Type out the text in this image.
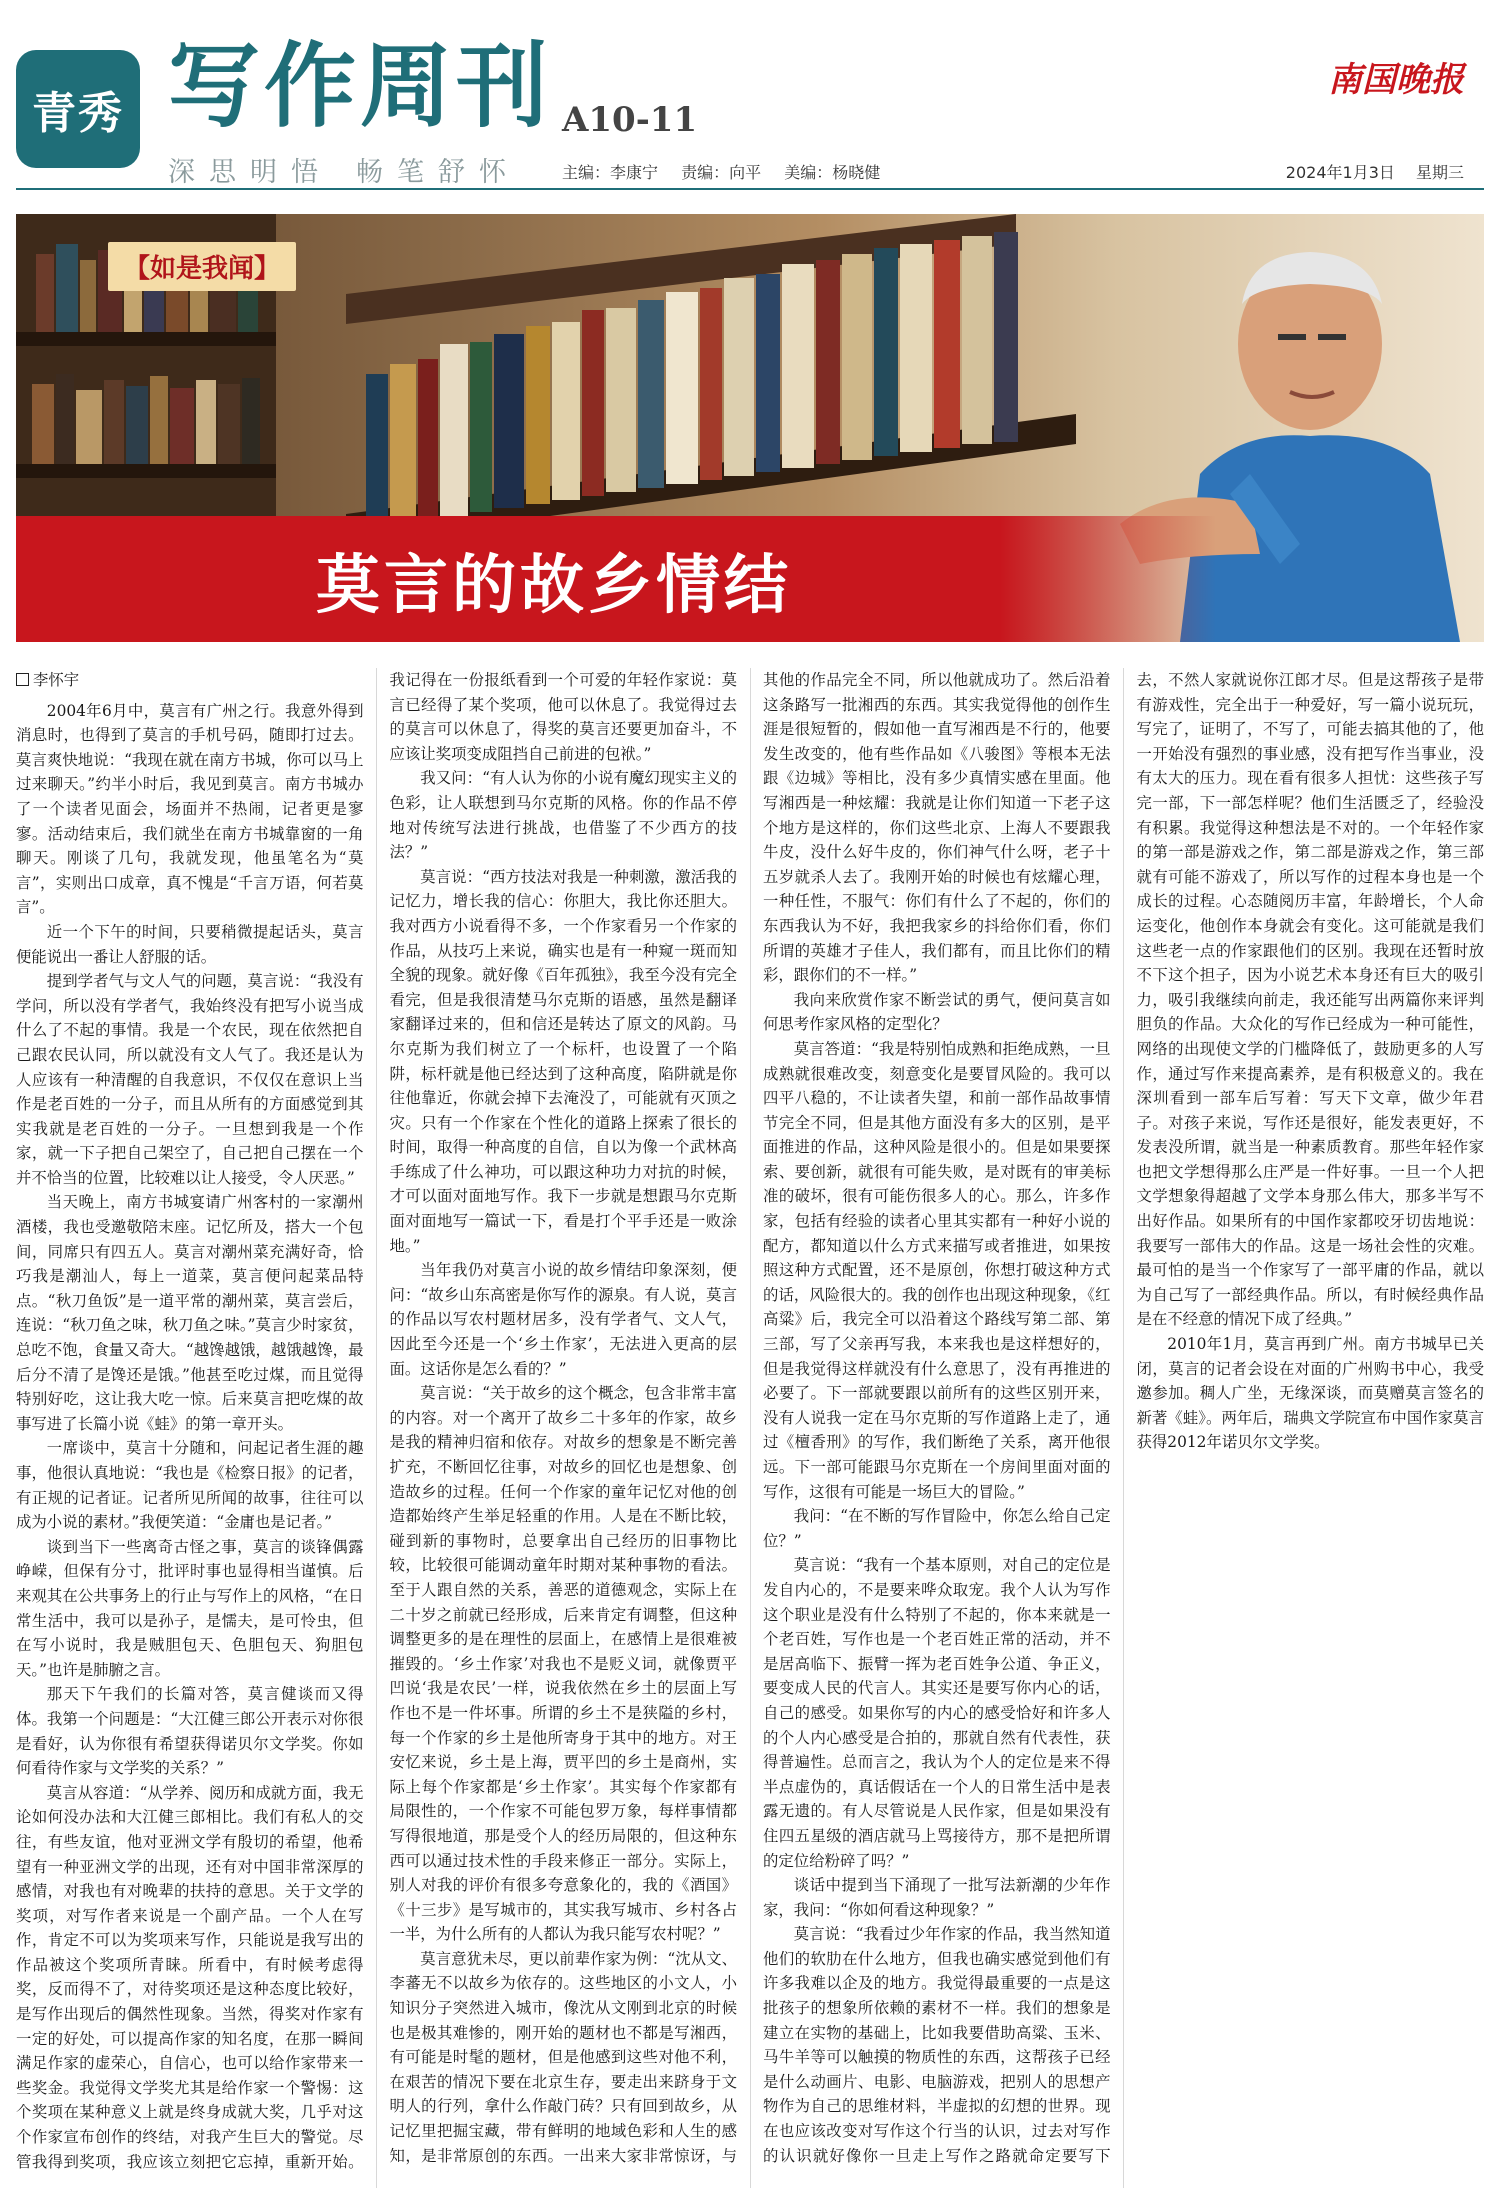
青秀 写作周刊 A10-11
深思明悟 畅笔舒怀
南国晚报
主编：李康宁 责编：向平 美编：杨晓健	2024年1月3日 星期三
【如是我闻】
莫言的故乡情结
李怀宇

2004年6月中，莫言有广州之行。我意外得到消息时，也得到了莫言的手机号码，随即打过去。莫言爽快地说：“我现在就在南方书城，你可以马上过来聊天。”约半小时后，我见到莫言。南方书城办了一个读者见面会，场面并不热闹，记者更是寥寥。活动结束后，我们就坐在南方书城靠窗的一角聊天。刚谈了几句，我就发现，他虽笔名为“莫言”，实则出口成章，真不愧是“千言万语，何若莫言”。

近一个下午的时间，只要稍微提起话头，莫言便能说出一番让人舒服的话。

提到学者气与文人气的问题，莫言说：“我没有学问，所以没有学者气，我始终没有把写小说当成什么了不起的事情。我是一个农民，现在依然把自己跟农民认同，所以就没有文人气了。我还是认为人应该有一种清醒的自我意识，不仅仅在意识上当作是老百姓的一分子，而且从所有的方面感觉到其实我就是老百姓的一分子。一旦想到我是一个作家，就一下子把自己架空了，自己把自己摆在一个并不恰当的位置，比较难以让人接受，令人厌恶。”

当天晚上，南方书城宴请广州客村的一家潮州酒楼，我也受邀敬陪末座。记忆所及，搭大一个包间，同席只有四五人。莫言对潮州菜充满好奇，恰巧我是潮汕人，每上一道菜，莫言便问起菜品特点。“秋刀鱼饭”是一道平常的潮州菜，莫言尝后，连说：“秋刀鱼之味，秋刀鱼之味。”莫言少时家贫，总吃不饱，食量又奇大。“越馋越饿，越饿越馋，最后分不清了是馋还是饿。”他甚至吃过煤，而且觉得特别好吃，这让我大吃一惊。后来莫言把吃煤的故事写进了长篇小说《蛙》的第一章开头。

一席谈中，莫言十分随和，问起记者生涯的趣事，他很认真地说：“我也是《检察日报》的记者，有正规的记者证。记者所见所闻的故事，往往可以成为小说的素材。”我便笑道：“金庸也是记者。”

谈到当下一些离奇古怪之事，莫言的谈锋偶露峥嵘，但保有分寸，批评时事也显得相当谨慎。后来观其在公共事务上的行止与写作上的风格，“在日常生活中，我可以是孙子，是懦夫，是可怜虫，但在写小说时，我是贼胆包天、色胆包天、狗胆包天。”也许是肺腑之言。

那天下午我们的长篇对答，莫言健谈而又得体。我第一个问题是：“大江健三郎公开表示对你很是看好，认为你很有希望获得诺贝尔文学奖。你如何看待作家与文学奖的关系？”

莫言从容道：“从学养、阅历和成就方面，我无论如何没办法和大江健三郎相比。我们有私人的交往，有些友谊，他对亚洲文学有殷切的希望，他希望有一种亚洲文学的出现，还有对中国非常深厚的感情，对我也有对晚辈的扶持的意思。关于文学的奖项，对写作者来说是一个副产品。一个人在写作，肯定不可以为奖项来写作，只能说是我写出的作品被这个奖项所青睐。所看中，有时候考虑得奖，反而得不了，对待奖项还是这种态度比较好，是写作出现后的偶然性现象。当然，得奖对作家有一定的好处，可以提高作家的知名度，在那一瞬间满足作家的虚荣心，自信心，也可以给作家带来一些奖金。我觉得文学奖尤其是给作家一个警惕：这个奖项在某种意义上就是终身成就大奖，几乎对这个作家宣布创作的终结，对我产生巨大的警觉。尽管我得到奖项，我应该立刻把它忘掉，重新开始。我记得在一份报纸看到一个可爱的年轻作家说：莫言已经得了某个奖项，他可以休息了。我觉得过去的莫言可以休息了，得奖的莫言还要更加奋斗，不应该让奖项变成阻挡自己前进的包袱。”

我又问：“有人认为你的小说有魔幻现实主义的色彩，让人联想到马尔克斯的风格。你的作品不停地对传统写法进行挑战，也借鉴了不少西方的技法？”

莫言说：“西方技法对我是一种刺激，激活我的记忆力，增长我的信心：你胆大，我比你还胆大。我对西方小说看得不多，一个作家看另一个作家的作品，从技巧上来说，确实也是有一种窥一斑而知全貌的现象。就好像《百年孤独》，我至今没有完全看完，但是我很清楚马尔克斯的语感，虽然是翻译家翻译过来的，但和信还是转达了原文的风韵。马尔克斯为我们树立了一个标杆，也设置了一个陷阱，标杆就是他已经达到了这种高度，陷阱就是你往他靠近，你就会掉下去淹没了，可能就有灭顶之灾。只有一个作家在个性化的道路上探索了很长的时间，取得一种高度的自信，自以为像一个武林高手练成了什么神功，可以跟这种功力对抗的时候，才可以面对面地写作。我下一步就是想跟马尔克斯面对面地写一篇试一下，看是打个平手还是一败涂地。”

当年我仍对莫言小说的故乡情结印象深刻，便问：“故乡山东高密是你写作的源泉。有人说，莫言的作品以写农村题材居多，没有学者气、文人气，因此至今还是一个‘乡土作家’，无法进入更高的层面。这话你是怎么看的？”

莫言说：“关于故乡的这个概念，包含非常丰富的内容。对一个离开了故乡二十多年的作家，故乡是我的精神归宿和依存。对故乡的想象是不断完善扩充，不断回忆往事，对故乡的回忆也是想象、创造故乡的过程。任何一个作家的童年记忆对他的创造都始终产生举足轻重的作用。人是在不断比较，碰到新的事物时，总要拿出自己经历的旧事物比较，比较很可能调动童年时期对某种事物的看法。至于人跟自然的关系，善恶的道德观念，实际上在二十岁之前就已经形成，后来肯定有调整，但这种调整更多的是在理性的层面上，在感情上是很难被摧毁的。‘乡土作家’对我也不是贬义词，就像贾平凹说‘我是农民’一样，说我依然在乡土的层面上写作也不是一件坏事。所谓的乡土不是狭隘的乡村，每一个作家的乡土是他所寄身于其中的地方。对王安忆来说，乡土是上海，贾平凹的乡土是商州，实际上每个作家都是‘乡土作家’。其实每个作家都有局限性的，一个作家不可能包罗万象，每样事情都写得很地道，那是受个人的经历局限的，但这种东西可以通过技术性的手段来修正一部分。实际上，别人对我的评价有很多夸意象化的，我的《酒国》《十三步》是写城市的，其实我写城市、乡村各占一半，为什么所有的人都认为我只能写农村呢？”

莫言意犹未尽，更以前辈作家为例：“沈从文、李蕃无不以故乡为依存的。这些地区的小文人，小知识分子突然进入城市，像沈从文刚到北京的时候也是极其难惨的，刚开始的题材也不都是写湘西，有可能是时髦的题材，但是他感到这些对他不利，在艰苦的情况下要在北京生存，要走出来跻身于文明人的行列，拿什么作敲门砖？只有回到故乡，从记忆里把掘宝藏，带有鲜明的地域色彩和人生的感知，是非常原创的东西。一出来大家非常惊讶，与其他的作品完全不同，所以他就成功了。然后沿着这条路写一批湘西的东西。其实我觉得他的创作生涯是很短暂的，假如他一直写湘西是不行的，他要发生改变的，他有些作品如《八骏图》等根本无法跟《边城》等相比，没有多少真情实感在里面。他写湘西是一种炫耀：我就是让你们知道一下老子这个地方是这样的，你们这些北京、上海人不要跟我牛皮，没什么好牛皮的，你们神气什么呀，老子十五岁就杀人去了。我刚开始的时候也有炫耀心理，一种任性，不服气：你们有什么了不起的，你们的东西我认为不好，我把我家乡的抖给你们看，你们所谓的英雄才子佳人，我们都有，而且比你们的精彩，跟你们的不一样。”

我向来欣赏作家不断尝试的勇气，便问莫言如何思考作家风格的定型化？

莫言答道：“我是特别怕成熟和拒绝成熟，一旦成熟就很难改变，刻意变化是要冒风险的。我可以四平八稳的，不让读者失望，和前一部作品故事情节完全不同，但是其他方面没有多大的区别，是平面推进的作品，这种风险是很小的。但是如果要探索、要创新，就很有可能失败，是对既有的审美标准的破坏，很有可能伤很多人的心。那么，许多作家，包括有经验的读者心里其实都有一种好小说的配方，都知道以什么方式来描写或者推进，如果按照这种方式配置，还不是原创，你想打破这种方式的话，风险很大的。我的创作也出现这种现象，《红高粱》后，我完全可以沿着这个路线写第二部、第三部，写了父亲再写我，本来我也是这样想好的，但是我觉得这样就没有什么意思了，没有再推进的必要了。下一部就要跟以前所有的这些区别开来，没有人说我一定在马尔克斯的写作道路上走了，通过《檀香刑》的写作，我们断绝了关系，离开他很远。下一部可能跟马尔克斯在一个房间里面对面的写作，这很有可能是一场巨大的冒险。”

我问：“在不断的写作冒险中，你怎么给自己定位？”

莫言说：“我有一个基本原则，对自己的定位是发自内心的，不是要来哗众取宠。我个人认为写作这个职业是没有什么特别了不起的，你本来就是一个老百姓，写作也是一个老百姓正常的活动，并不是居高临下、振臂一挥为老百姓争公道、争正义，要变成人民的代言人。其实还是要写你内心的话，自己的感受。如果你写的内心的感受恰好和许多人的个人内心感受是合拍的，那就自然有代表性，获得普遍性。总而言之，我认为个人的定位是来不得半点虚伪的，真话假话在一个人的日常生活中是表露无遗的。有人尽管说是人民作家，但是如果没有住四五星级的酒店就马上骂接待方，那不是把所谓的定位给粉碎了吗？”

谈话中提到当下涌现了一批写法新潮的少年作家，我问：“你如何看这种现象？”

莫言说：“我看过少年作家的作品，我当然知道他们的软肋在什么地方，但我也确实感觉到他们有许多我难以企及的地方。我觉得最重要的一点是这批孩子的想象所依赖的素材不一样。我们的想象是建立在实物的基础上，比如我要借助高粱、玉米、马牛羊等可以触摸的物质性的东西，这帮孩子已经是什么动画片、电影、电脑游戏，把别人的思想产物作为自己的思维材料，半虚拟的幻想的世界。现在也应该改变对写作这个行当的认识，过去对写作的认识就好像你一旦走上写作之路就命定要写下去，不然人家就说你江郎才尽。但是这帮孩子是带有游戏性，完全出于一种爱好，写一篇小说玩玩，写完了，证明了，不写了，可能去搞其他的了，他一开始没有强烈的事业感，没有把写作当事业，没有太大的压力。现在看有很多人担忧：这些孩子写完一部，下一部怎样呢？他们生活匮乏了，经验没有积累。我觉得这种想法是不对的。一个年轻作家的第一部是游戏之作，第二部是游戏之作，第三部就有可能不游戏了，所以写作的过程本身也是一个成长的过程。心态随阅历丰富，年龄增长，个人命运变化，他创作本身就会有变化。这可能就是我们这些老一点的作家跟他们的区别。我现在还暂时放不下这个担子，因为小说艺术本身还有巨大的吸引力，吸引我继续向前走，我还能写出两篇你来评判胆负的作品。大众化的写作已经成为一种可能性，网络的出现使文学的门槛降低了，鼓励更多的人写作，通过写作来提高素养，是有积极意义的。我在深圳看到一部车后写着：写天下文章，做少年君子。对孩子来说，写作还是很好，能发表更好，不发表没所谓，就当是一种素质教育。那些年轻作家也把文学想得那么庄严是一件好事。一旦一个人把文学想象得超越了文学本身那么伟大，那多半写不出好作品。如果所有的中国作家都咬牙切齿地说：我要写一部伟大的作品。这是一场社会性的灾难。最可怕的是当一个作家写了一部平庸的作品，就以为自己写了一部经典作品。所以，有时候经典作品是在不经意的情况下成了经典。”

2010年1月，莫言再到广州。南方书城早已关闭，莫言的记者会设在对面的广州购书中心，我受邀参加。稠人广坐，无缘深谈，而莫赠莫言签名的新著《蛙》。两年后，瑞典文学院宣布中国作家莫言获得2012年诺贝尔文学奖。
